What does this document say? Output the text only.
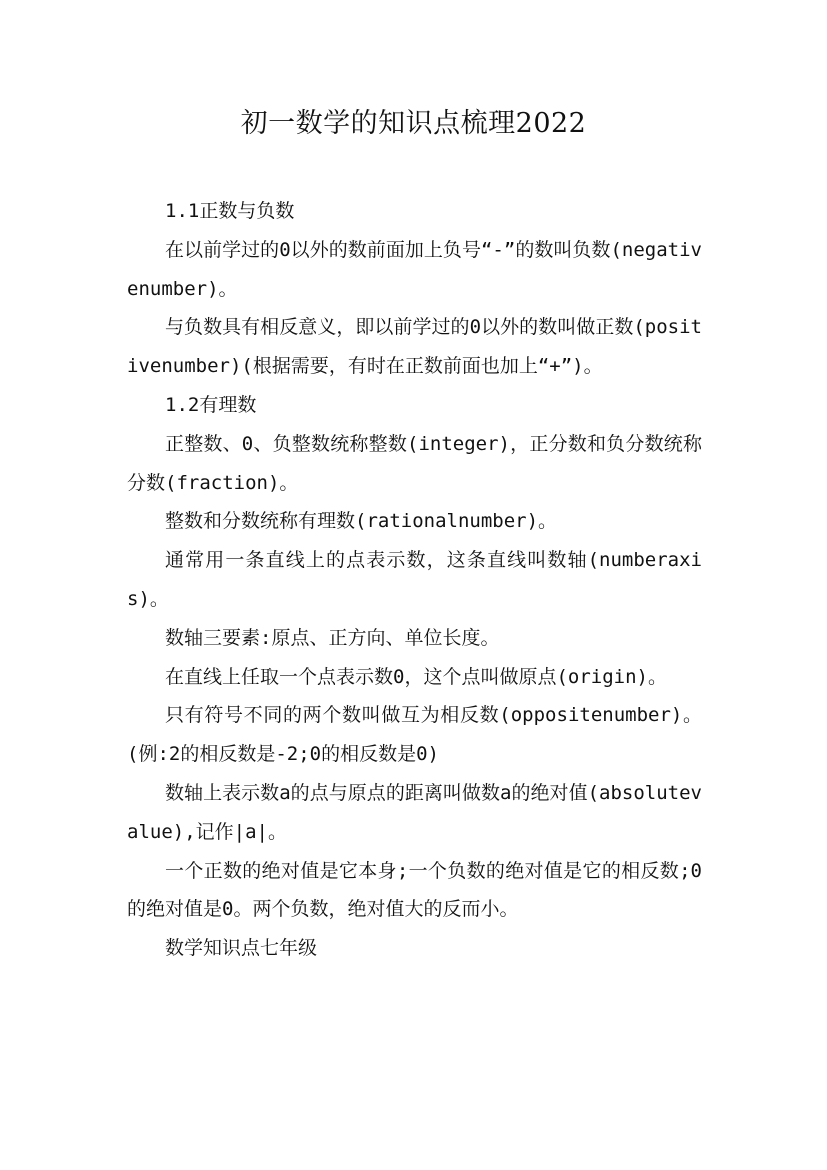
初一数学的知识点梳理2022

1.1正数与负数

在以前学过的0以外的数前面加上负号“-”的数叫负数(negativenumber)。

与负数具有相反意义，即以前学过的0以外的数叫做正数(positivenumber)(根据需要，有时在正数前面也加上“+”)。

1.2有理数

正整数、0、负整数统称整数(integer)，正分数和负分数统称分数(fraction)。

整数和分数统称有理数(rationalnumber)。

通常用一条直线上的点表示数，这条直线叫数轴(numberaxis)。

数轴三要素:原点、正方向、单位长度。

在直线上任取一个点表示数0，这个点叫做原点(origin)。

只有符号不同的两个数叫做互为相反数(oppositenumber)。(例:2的相反数是-2;0的相反数是0)

数轴上表示数a的点与原点的距离叫做数a的绝对值(absolutevalue),记作|a|。

一个正数的绝对值是它本身;一个负数的绝对值是它的相反数;0的绝对值是0。两个负数，绝对值大的反而小。

数学知识点七年级
